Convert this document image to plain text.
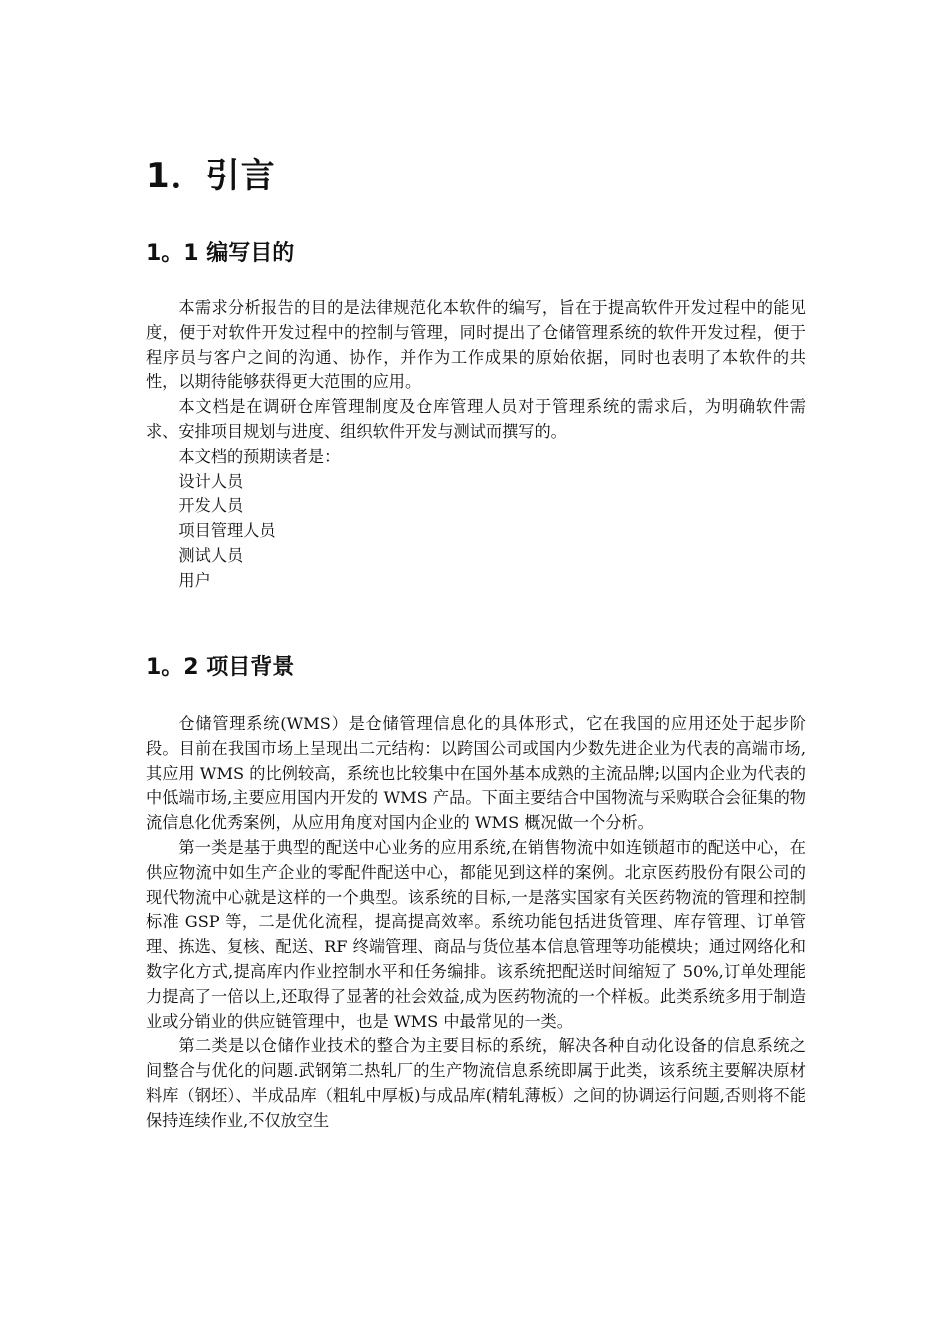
1．引言
1。1 编写目的

本需求分析报告的目的是法律规范化本软件的编写，旨在于提高软件开发过程中的能见度，便于对软件开发过程中的控制与管理，同时提出了仓储管理系统的软件开发过程，便于程序员与客户之间的沟通、协作，并作为工作成果的原始依据，同时也表明了本软件的共性，以期待能够获得更大范围的应用。

本文档是在调研仓库管理制度及仓库管理人员对于管理系统的需求后，为明确软件需求、安排项目规划与进度、组织软件开发与测试而撰写的。

本文档的预期读者是：

设计人员
开发人员
项目管理人员
测试人员
用户
1。2 项目背景

仓储管理系统(WMS）是仓储管理信息化的具体形式，它在我国的应用还处于起步阶段。目前在我国市场上呈现出二元结构：以跨国公司或国内少数先进企业为代表的高端市场,其应用 WMS 的比例较高，系统也比较集中在国外基本成熟的主流品牌;以国内企业为代表的中低端市场,主要应用国内开发的 WMS 产品。下面主要结合中国物流与采购联合会征集的物流信息化优秀案例，从应用角度对国内企业的 WMS 概况做一个分析。

第一类是基于典型的配送中心业务的应用系统,在销售物流中如连锁超市的配送中心，在供应物流中如生产企业的零配件配送中心，都能见到这样的案例。北京医药股份有限公司的现代物流中心就是这样的一个典型。该系统的目标,一是落实国家有关医药物流的管理和控制标准 GSP 等，二是优化流程，提高提高效率。系统功能包括进货管理、库存管理、订单管理、拣选、复核、配送、RF 终端管理、商品与货位基本信息管理等功能模块；通过网络化和数字化方式,提高库内作业控制水平和任务编排。该系统把配送时间缩短了 50%,订单处理能力提高了一倍以上,还取得了显著的社会效益,成为医药物流的一个样板。此类系统多用于制造业或分销业的供应链管理中，也是 WMS 中最常见的一类。

第二类是以仓储作业技术的整合为主要目标的系统，解决各种自动化设备的信息系统之间整合与优化的问题.武钢第二热轧厂的生产物流信息系统即属于此类，该系统主要解决原材料库（钢坯）、半成品库（粗轧中厚板)与成品库(精轧薄板）之间的协调运行问题,否则将不能保持连续作业,不仅放空生
